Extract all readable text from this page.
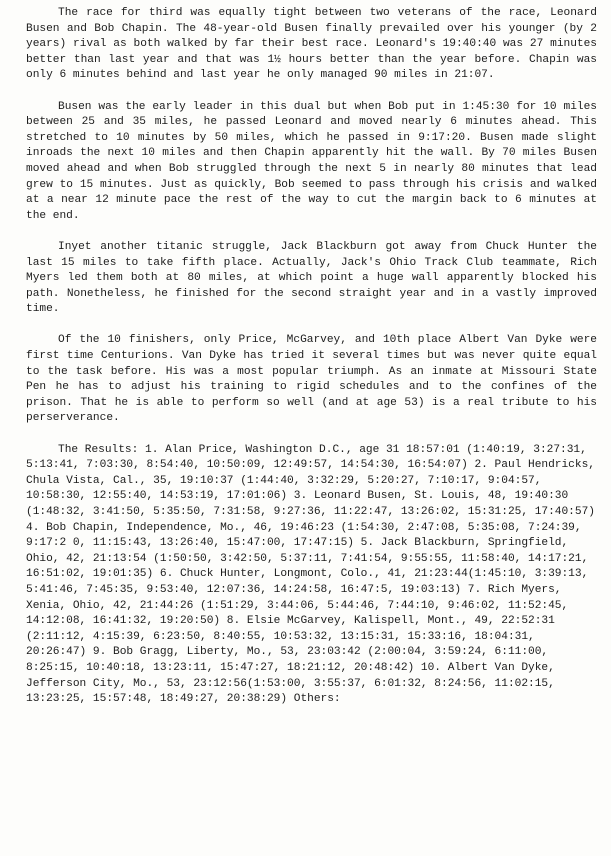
The race for third was equally tight between two veterans of the race, Leonard Busen and Bob Chapin. The 48-year-old Busen finally prevailed over his younger (by 2 years) rival as both walked by far their best race. Leonard's 19:40:40 was 27 minutes better than last year and that was 1½ hours better than the year before. Chapin was only 6 minutes behind and last year he only managed 90 miles in 21:07.

Busen was the early leader in this dual but when Bob put in 1:45:30 for 10 miles between 25 and 35 miles, he passed Leonard and moved nearly 6 minutes ahead. This stretched to 10 minutes by 50 miles, which he passed in 9:17:20. Busen made slight inroads the next 10 miles and then Chapin apparently hit the wall. By 70 miles Busen moved ahead and when Bob struggled through the next 5 in nearly 80 minutes that lead grew to 15 minutes. Just as quickly, Bob seemed to pass through his crisis and walked at a near 12 minute pace the rest of the way to cut the margin back to 6 minutes at the end.

Inyet another titanic struggle, Jack Blackburn got away from Chuck Hunter the last 15 miles to take fifth place. Actually, Jack's Ohio Track Club teammate, Rich Myers led them both at 80 miles, at which point a huge wall apparently blocked his path. Nonetheless, he finished for the second straight year and in a vastly improved time.

Of the 10 finishers, only Price, McGarvey, and 10th place Albert Van Dyke were first time Centurions. Van Dyke has tried it several times but was never quite equal to the task before. His was a most popular triumph. As an inmate at Missouri State Pen he has to adjust his training to rigid schedules and to the confines of the prison. That he is able to perform so well (and at age 53) is a real tribute to his perserverance.

The Results: 1. Alan Price, Washington D.C., age 31 18:57:01 (1:40:19, 3:27:31, 5:13:41, 7:03:30, 8:54:40, 10:50:09, 12:49:57, 14:54:30, 16:54:07) 2. Paul Hendricks, Chula Vista, Cal., 35, 19:10:37 (1:44:40, 3:32:29, 5:20:27, 7:10:17, 9:04:57, 10:58:30, 12:55:40, 14:53:19, 17:01:06) 3. Leonard Busen, St. Louis, 48, 19:40:30 (1:48:32, 3:41:50, 5:35:50, 7:31:58, 9:27:36, 11:22:47, 13:26:02, 15:31:25, 17:40:57) 4. Bob Chapin, Independence, Mo., 46, 19:46:23 (1:54:30, 2:47:08, 5:35:08, 7:24:39, 9:17:2 0, 11:15:43, 13:26:40, 15:47:00, 17:47:15) 5. Jack Blackburn, Springfield, Ohio, 42, 21:13:54 (1:50:50, 3:42:50, 5:37:11, 7:41:54, 9:55:55, 11:58:40, 14:17:21, 16:51:02, 19:01:35) 6. Chuck Hunter, Longmont, Colo., 41, 21:23:44(1:45:10, 3:39:13, 5:41:46, 7:45:35, 9:53:40, 12:07:36, 14:24:58, 16:47:5, 19:03:13) 7. Rich Myers, Xenia, Ohio, 42, 21:44:26 (1:51:29, 3:44:06, 5:44:46, 7:44:10, 9:46:02, 11:52:45, 14:12:08, 16:41:32, 19:20:50) 8. Elsie McGarvey, Kalispell, Mont., 49, 22:52:31 (2:11:12, 4:15:39, 6:23:50, 8:40:55, 10:53:32, 13:15:31, 15:33:16, 18:04:31, 20:26:47) 9. Bob Gragg, Liberty, Mo., 53, 23:03:42 (2:00:04, 3:59:24, 6:11:00, 8:25:15, 10:40:18, 13:23:11, 15:47:27, 18:21:12, 20:48:42) 10. Albert Van Dyke, Jefferson City, Mo., 53, 23:12:56(1:53:00, 3:55:37, 6:01:32, 8:24:56, 11:02:15, 13:23:25, 15:57:48, 18:49:27, 20:38:29) Others:
